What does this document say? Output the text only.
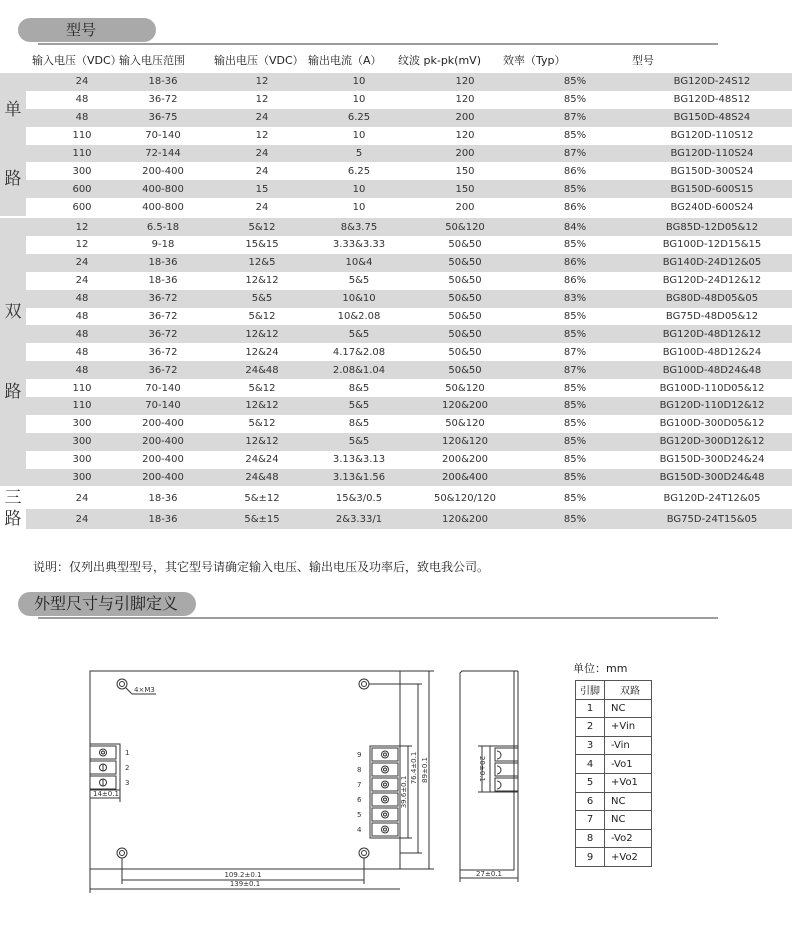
型号
输入电压（VDC）
输入电压范围	输出电压（VDC） 输出电流（A） 纹波 pk-pk(mV) 效率（Typ）	型号
单
路
		24	18-36	12	10	120	85%	BG120D-24S12
	48	36-72	12	10	120	85%	BG120D-48S12
	48	36-75	24	6.25	200	87%	BG150D-48S24
	110	70-140	12	10	120	85%	BG120D-110S12
	110	72-144	24	5	200	87%	BG120D-110S24
	300	200-400	24	6.25	150	86%	BG150D-300S24
	600	400-800	15	10	150	85%	BG150D-600S15
	600	400-800	24	10	200	86%	BG240D-600S24

双
路
		12	6.5-18	5&12	8&3.75	50&120	84%	BG85D-12D05&12
	12	9-18	15&15	3.33&3.33	50&50	85%	BG100D-12D15&15
	24	18-36	12&5	10&4	50&50	86%	BG140D-24D12&05
	24	18-36	12&12	5&5	50&50	86%	BG120D-24D12&12
	48	36-72	5&5	10&10	50&50	83%	BG80D-48D05&05
	48	36-72	5&12	10&2.08	50&50	85%	BG75D-48D05&12
	48	36-72	12&12	5&5	50&50	85%	BG120D-48D12&12
	48	36-72	12&24	4.17&2.08	50&50	87%	BG100D-48D12&24
	48	36-72	24&48	2.08&1.04	50&50	87%	BG100D-48D24&48
	110	70-140	5&12	8&5	50&120	85%	BG100D-110D05&12
	110	70-140	12&12	5&5	120&200	85%	BG120D-110D12&12
	300	200-400	5&12	8&5	50&120	85%	BG100D-300D05&12
	300	200-400	12&12	5&5	120&120	85%	BG120D-300D12&12
	300	200-400	24&24	3.13&3.13	200&200	85%	BG150D-300D24&24
	300	200-400	24&48	3.13&1.56	200&400	85%	BG150D-300D24&48

三
路
		24	18-36	5&±12	15&3/0.5	50&120/120	85%	BG120D-24T12&05
	24	18-36	5&±15	2&3.33/1	120&200	85%	BG75D-24T15&05
说明：仅列出典型型号，其它型号请确定输入电压、输出电压及功率后，致电我公司。
外型尺寸与引脚定义
4×M3
1
2
3
14±0.1
9
8
7
6
5
4
39.6±0.1
76.4±0.1 89±0.1
109.2±0.1
139±0.1
20±0.1
27±0.1
单位：mm
引脚	双路
1	NC
2	+Vin
3	-Vin
4	-Vo1
5	+Vo1
6	NC
7	NC
8	-Vo2
9	+Vo2
